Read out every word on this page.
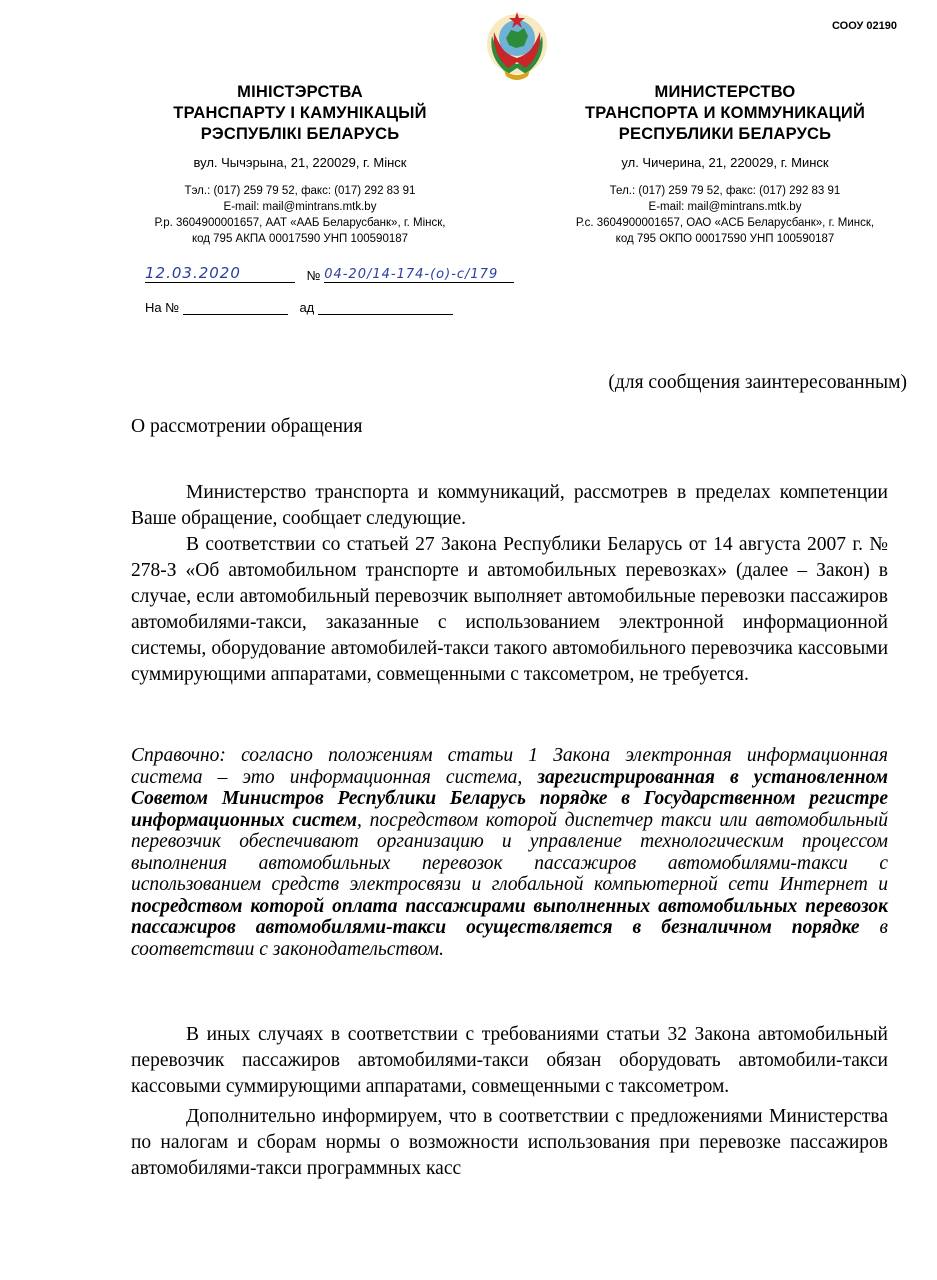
СООУ 02190
МІНІСТЭРСТВА
ТРАНСПАРТУ І КАМУНІКАЦЫЙ
РЭСПУБЛІКІ БЕЛАРУСЬ
МИНИСТЕРСТВО
ТРАНСПОРТА И КОММУНИКАЦИЙ
РЕСПУБЛИКИ БЕЛАРУСЬ
вул. Чычэрына, 21, 220029, г. Мінск	ул. Чичерина, 21, 220029, г. Минск
Тэл.: (017) 259 79 52, факс: (017) 292 83 91
E-mail: mail@mintrans.mtk.by
Р.р. 3604900001657, ААТ «ААБ Беларусбанк», г. Мінск,
код 795 АКПА 00017590 УНП 100590187
Тел.: (017) 259 79 52, факс: (017) 292 83 91
E-mail: mail@mintrans.mtk.by
Р.с. 3604900001657, ОАО «АСБ Беларусбанк», г. Минск,
код 795 ОКПО 00017590 УНП 100590187
12.03.2020	№ 04-20/14-174-(о)-с/179
На №	ад
(для сообщения заинтересованным)
О рассмотрении обращения

Министерство транспорта и коммуникаций, рассмотрев в пределах компетенции Ваше обращение, сообщает следующие.

В соответствии со статьей 27 Закона Республики Беларусь от 14 августа 2007 г. № 278-З «Об автомобильном транспорте и автомобильных перевозках» (далее – Закон) в случае, если автомобильный перевозчик выполняет автомобильные перевозки пассажиров автомобилями-такси, заказанные с использованием электронной информационной системы, оборудование автомобилей-такси такого автомобильного перевозчика кассовыми суммирующими аппаратами, совмещенными с таксометром, не требуется.

Справочно: согласно положениям статьи 1 Закона электронная информационная система – это информационная система, зарегистрированная в установленном Советом Министров Республики Беларусь порядке в Государственном регистре информационных систем, посредством которой диспетчер такси или автомобильный перевозчик обеспечивают организацию и управление технологическим процессом выполнения автомобильных перевозок пассажиров автомобилями-такси с использованием средств электросвязи и глобальной компьютерной сети Интернет и посредством которой оплата пассажирами выполненных автомобильных перевозок пассажиров автомобилями-такси осуществляется в безналичном порядке в соответствии с законодательством.

В иных случаях в соответствии с требованиями статьи 32 Закона автомобильный перевозчик пассажиров автомобилями-такси обязан оборудовать автомобили-такси кассовыми суммирующими аппаратами, совмещенными с таксометром.

Дополнительно информируем, что в соответствии с предложениями Министерства по налогам и сборам нормы о возможности использования при перевозке пассажиров автомобилями-такси программных касс
